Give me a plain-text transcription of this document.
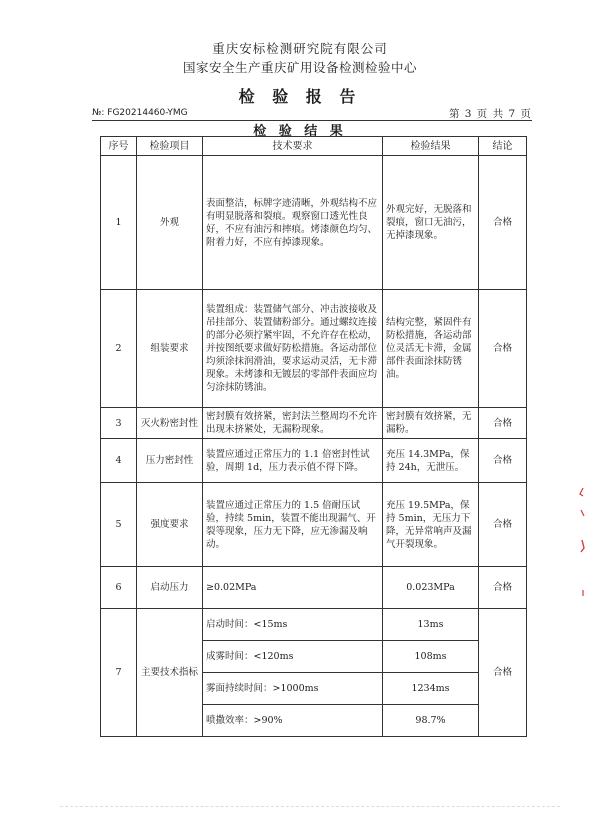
重庆安标检测研究院有限公司
国家安全生产重庆矿用设备检测检验中心
检 验 报 告
№: FG20214460-YMG	第 3 页 共 7 页
检 验 结 果
序号	检验项目	技术要求	检验结果	结论
1	外观	表面整洁，标牌字迹清晰，外观结构不应有明显脱落和裂痕。观察窗口透光性良好，不应有油污和摔痕。烤漆颜色均匀、附着力好，不应有掉漆现象。	外观完好，无脱落和裂痕，窗口无油污，无掉漆现象。	合格
2	组装要求	装置组成：装置储气部分、冲击波接收及吊挂部分、装置储粉部分。通过螺纹连接的部分必须拧紧牢固，不允许存在松动，并按图纸要求做好防松措施。各运动部位均须涂抹润滑油，要求运动灵活，无卡滞现象。未烤漆和无镀层的零部件表面应均匀涂抹防锈油。	结构完整，紧固件有防松措施，各运动部位灵活无卡滞，金属部件表面涂抹防锈油。	合格
3	灭火粉密封性	密封膜有效挤紧，密封法兰整周均不允许出现未挤紧处，无漏粉现象。	密封膜有效挤紧，无漏粉。	合格
4	压力密封性	装置应通过正常压力的 1.1 倍密封性试验，周期 1d，压力表示值不得下降。	充压 14.3MPa，保持 24h，无泄压。	合格
5	强度要求	装置应通过正常压力的 1.5 倍耐压试验，持续 5min，装置不能出现漏气、开裂等现象，压力无下降，应无渗漏及响动。	充压 19.5MPa，保持 5min，无压力下降，无异常响声及漏气开裂现象。	合格
6	启动压力	≥0.02MPa	0.023MPa	合格
7	主要技术指标	启动时间：<15ms	13ms	合格
		成雾时间：<120ms	108ms	
		雾面持续时间：>1000ms	1234ms	
		喷撒效率：>90%	98.7%	
